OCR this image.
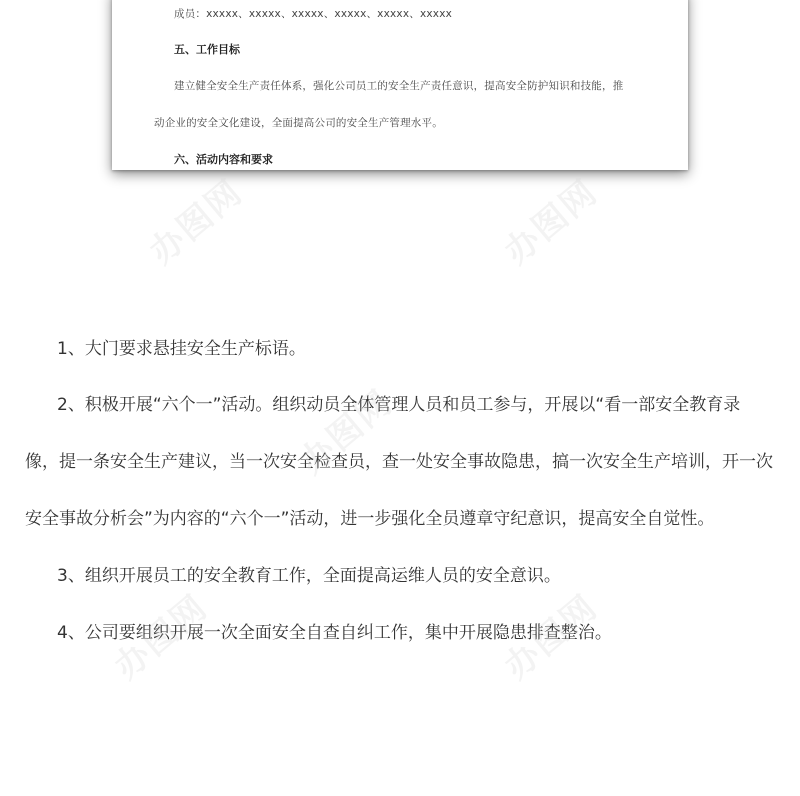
成员：xxxxx、xxxxx、xxxxx、xxxxx、xxxxx、xxxxx
五、工作目标
建立健全安全生产责任体系，强化公司员工的安全生产责任意识，提高安全防护知识和技能，推
动企业的安全文化建设，全面提高公司的安全生产管理水平。
六、活动内容和要求
1、大门要求悬挂安全生产标语。
2、积极开展“六个一”活动。组织动员全体管理人员和员工参与，开展以“看一部安全教育录
像，提一条安全生产建议，当一次安全检查员，查一处安全事故隐患，搞一次安全生产培训，开一次
安全事故分析会”为内容的“六个一”活动，进一步强化全员遵章守纪意识，提高安全自觉性。
3、组织开展员工的安全教育工作，全面提高运维人员的安全意识。
4、公司要组织开展一次全面安全自查自纠工作，集中开展隐患排查整治。
办图网	办图网
办图网
办图网	办图网
